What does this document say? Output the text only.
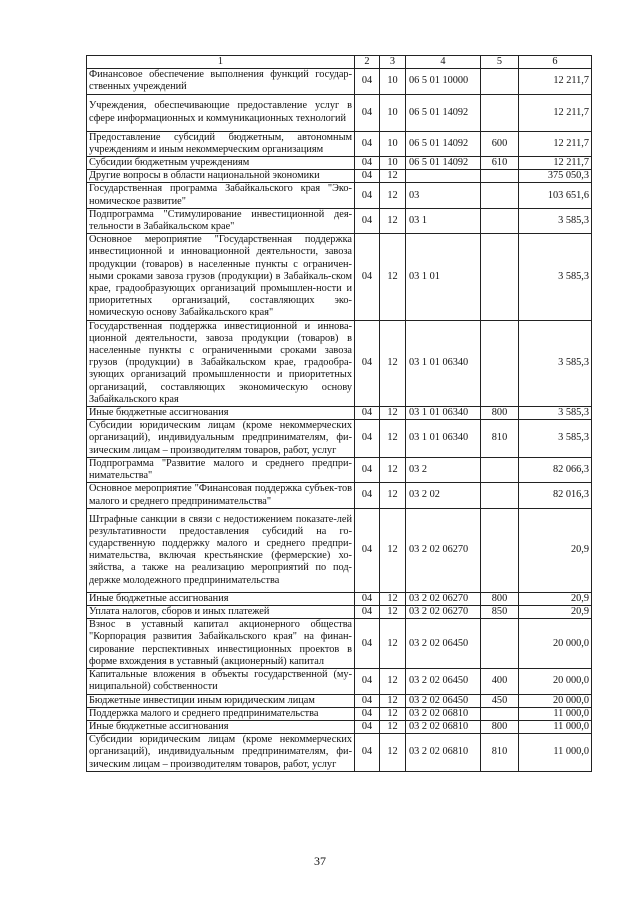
1	2	3	4	5	6
Финансовое обеспечение выполнения функций государ-ственных учреждений	04	10	06 5 01 10000		12 211,7
Учреждения, обеспечивающие предоставление услуг в сфере информационных и коммуникационных технологий	04	10	06 5 01 14092		12 211,7
Предоставление субсидий бюджетным, автономным учреждениям и иным некоммерческим организациям	04	10	06 5 01 14092	600	12 211,7
Субсидии бюджетным учреждениям	04	10	06 5 01 14092	610	12 211,7
Другие вопросы в области национальной экономики	04	12			375 050,3
Государственная программа Забайкальского края "Эко-номическое развитие"	04	12	03		103 651,6
Подпрограмма "Стимулирование инвестиционной дея-тельности в Забайкальском крае"	04	12	03 1		3 585,3
Основное мероприятие "Государственная поддержка инвестиционной и инновационной деятельности, завоза продукции (товаров) в населенные пункты с ограничен-ными сроками завоза грузов (продукции) в Забайкаль-ском крае, градообразующих организаций промышлен-ности и приоритетных организаций, составляющих эко-номическую основу Забайкальского края"	04	12	03 1 01		3 585,3
Государственная поддержка инвестиционной и иннова-ционной деятельности, завоза продукции (товаров) в населенные пункты с ограниченными сроками завоза грузов (продукции) в Забайкальском крае, градообра-зующих организаций промышленности и приоритетных организаций, составляющих экономическую основу Забайкальского края	04	12	03 1 01 06340		3 585,3
Иные бюджетные ассигнования	04	12	03 1 01 06340	800	3 585,3
Субсидии юридическим лицам (кроме некоммерческих организаций), индивидуальным предпринимателям, фи-зическим лицам – производителям товаров, работ, услуг	04	12	03 1 01 06340	810	3 585,3
Подпрограмма "Развитие малого и среднего предпри-нимательства"	04	12	03 2		82 066,3
Основное мероприятие "Финансовая поддержка субъек-тов малого и среднего предпринимательства"	04	12	03 2 02		82 016,3
Штрафные санкции в связи с недостижением показате-лей результативности предоставления субсидий на го-сударственную поддержку малого и среднего предпри-нимательства, включая крестьянские (фермерские) хо-зяйства, а также на реализацию мероприятий по под-держке молодежного предпринимательства	04	12	03 2 02 06270		20,9
Иные бюджетные ассигнования	04	12	03 2 02 06270	800	20,9
Уплата налогов, сборов и иных платежей	04	12	03 2 02 06270	850	20,9
Взнос в уставный капитал акционерного общества "Корпорация развития Забайкальского края" на финан-сирование перспективных инвестиционных проектов в форме вхождения в уставный (акционерный) капитал	04	12	03 2 02 06450		20 000,0
Капитальные вложения в объекты государственной (му-ниципальной) собственности	04	12	03 2 02 06450	400	20 000,0
Бюджетные инвестиции иным юридическим лицам	04	12	03 2 02 06450	450	20 000,0
Поддержка малого и среднего предпринимательства	04	12	03 2 02 06810		11 000,0
Иные бюджетные ассигнования	04	12	03 2 02 06810	800	11 000,0
Субсидии юридическим лицам (кроме некоммерческих организаций), индивидуальным предпринимателям, фи-зическим лицам – производителям товаров, работ, услуг	04	12	03 2 02 06810	810	11 000,0
37
